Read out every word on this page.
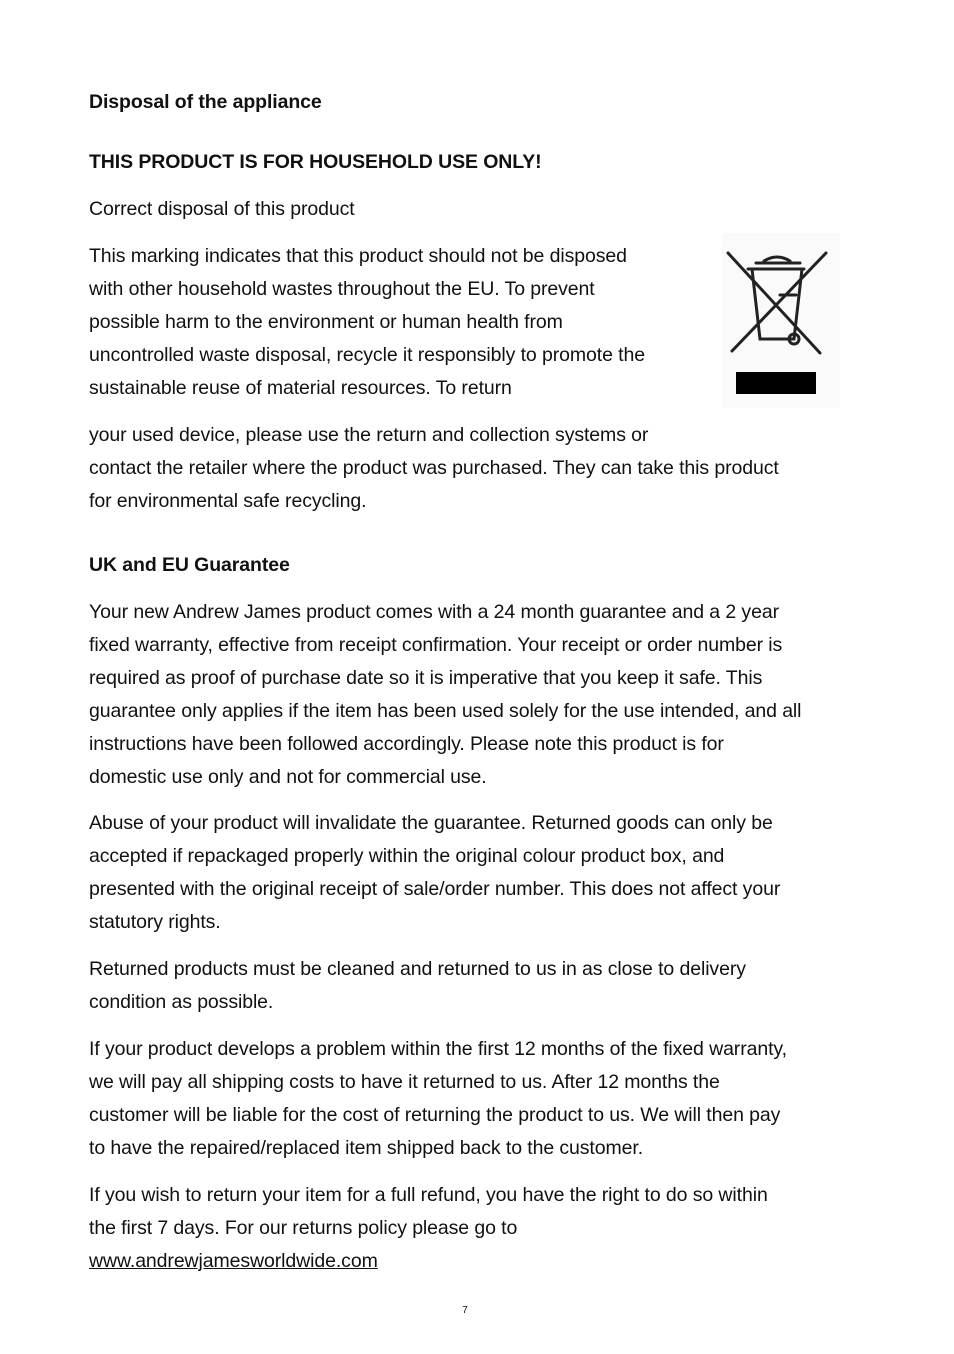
Disposal of the appliance
THIS PRODUCT IS FOR HOUSEHOLD USE ONLY!
Correct disposal of this product
This marking indicates that this product should not be disposed
with other household wastes throughout the EU. To prevent
possible harm to the environment or human health from
uncontrolled waste disposal, recycle it responsibly to promote the
sustainable reuse of material resources. To return
your used device, please use the return and collection systems or
contact the retailer where the product was purchased. They can take this product
for environmental safe recycling.
UK and EU Guarantee
Your new Andrew James product comes with a 24 month guarantee and a 2 year
fixed warranty, effective from receipt confirmation. Your receipt or order number is
required as proof of purchase date so it is imperative that you keep it safe. This
guarantee only applies if the item has been used solely for the use intended, and all
instructions have been followed accordingly. Please note this product is for
domestic use only and not for commercial use.
Abuse of your product will invalidate the guarantee. Returned goods can only be
accepted if repackaged properly within the original colour product box, and
presented with the original receipt of sale/order number. This does not affect your
statutory rights.
Returned products must be cleaned and returned to us in as close to delivery
condition as possible.
If your product develops a problem within the first 12 months of the fixed warranty,
we will pay all shipping costs to have it returned to us. After 12 months the
customer will be liable for the cost of returning the product to us. We will then pay
to have the repaired/replaced item shipped back to the customer.
If you wish to return your item for a full refund, you have the right to do so within
the first 7 days. For our returns policy please go to
www.andrewjamesworldwide.com
7
